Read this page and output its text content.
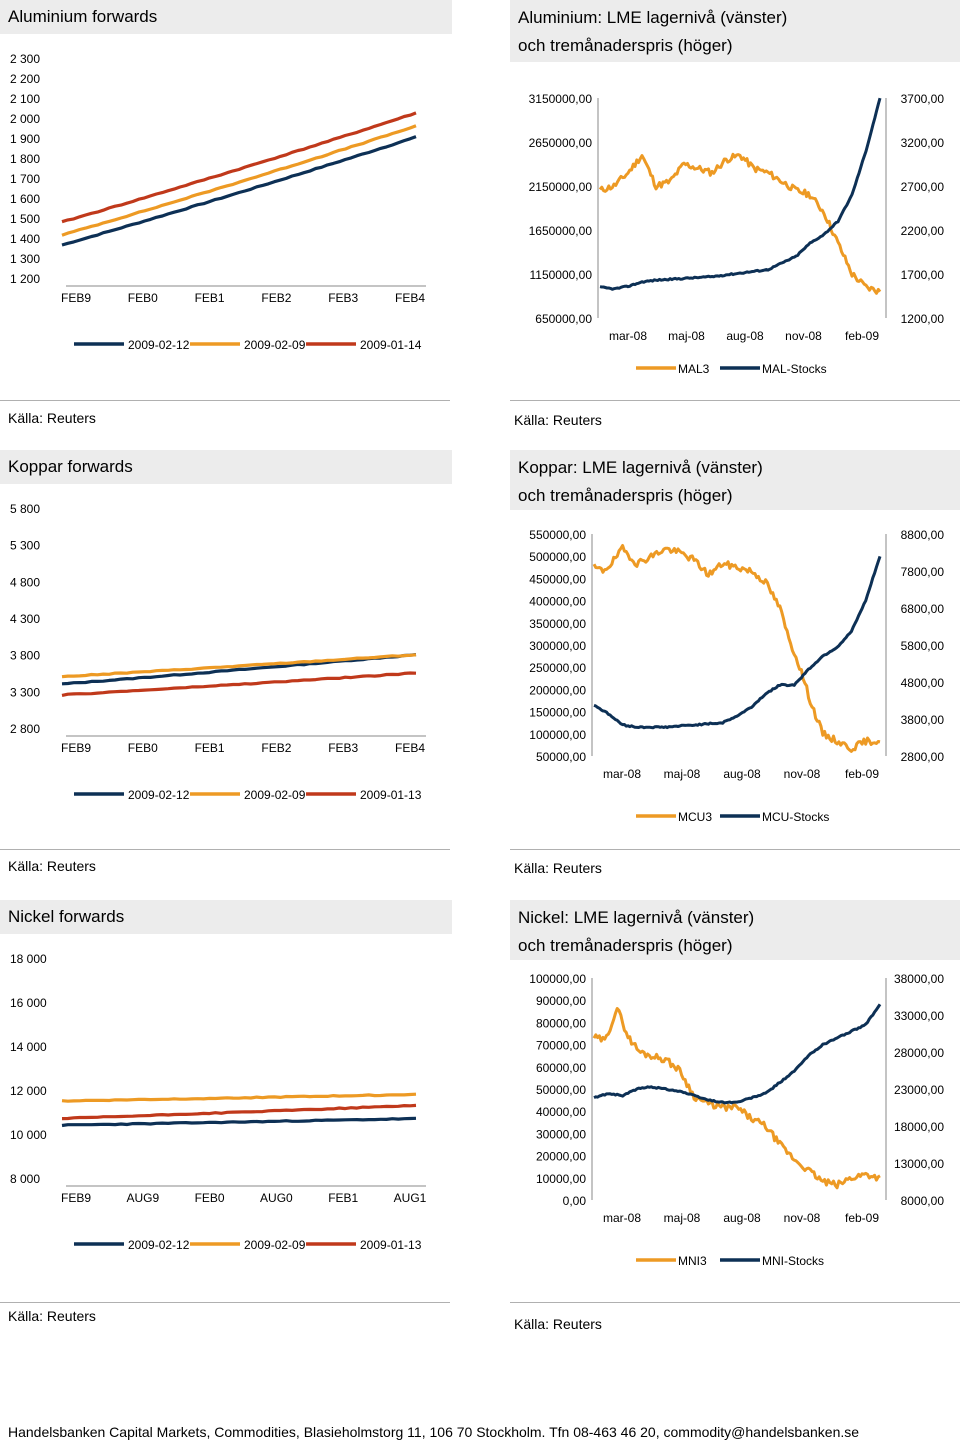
Aluminium forwards
2 300
2 200
2 100
2 000
1 900
1 800
1 700
1 600
1 500
1 400
1 300
1 200
FEB9	FEB0	FEB1	FEB2	FEB3	FEB4
2009-02-12	2009-02-09	2009-01-14
Källa: Reuters
Aluminium: LME lagernivå (vänster)
och tremånaderspris (höger)
3150000,00
2650000,00
2150000,00
1650000,00
1150000,00
650000,00
3700,00
3200,00
2700,00
2200,00
1700,00
1200,00
mar-08 maj-08 aug-08 nov-08 feb-09
MAL3	MAL-Stocks
Källa: Reuters
Koppar forwards
5 800
5 300
4 800
4 300
3 800
3 300
2 800
FEB9	FEB0	FEB1	FEB2	FEB3	FEB4
2009-02-12	2009-02-09	2009-01-13
Källa: Reuters
Koppar: LME lagernivå (vänster)
och tremånaderspris (höger)
550000,00
500000,00
450000,00
400000,00
350000,00
300000,00
250000,00
200000,00
150000,00
100000,00
50000,00
8800,00
7800,00
6800,00
5800,00
4800,00
3800,00
2800,00
mar-08 maj-08 aug-08 nov-08 feb-09
MCU3	MCU-Stocks
Källa: Reuters
Nickel forwards
18 000
16 000
14 000
12 000
10 000
8 000
FEB9	AUG9	FEB0	AUG0	FEB1	AUG1
2009-02-12	2009-02-09	2009-01-13
Källa: Reuters
Nickel: LME lagernivå (vänster)
och tremånaderspris (höger)
100000,00
90000,00
80000,00
70000,00
60000,00
50000,00
40000,00
30000,00
20000,00
10000,00
0,00
38000,00
33000,00
28000,00
23000,00
18000,00
13000,00
8000,00
mar-08 maj-08 aug-08 nov-08 feb-09
MNI3	MNI-Stocks
Källa: Reuters
Handelsbanken Capital Markets, Commodities, Blasieholmstorg 11, 106 70 Stockholm. Tfn 08-463 46 20, commodity@handelsbanken.se
